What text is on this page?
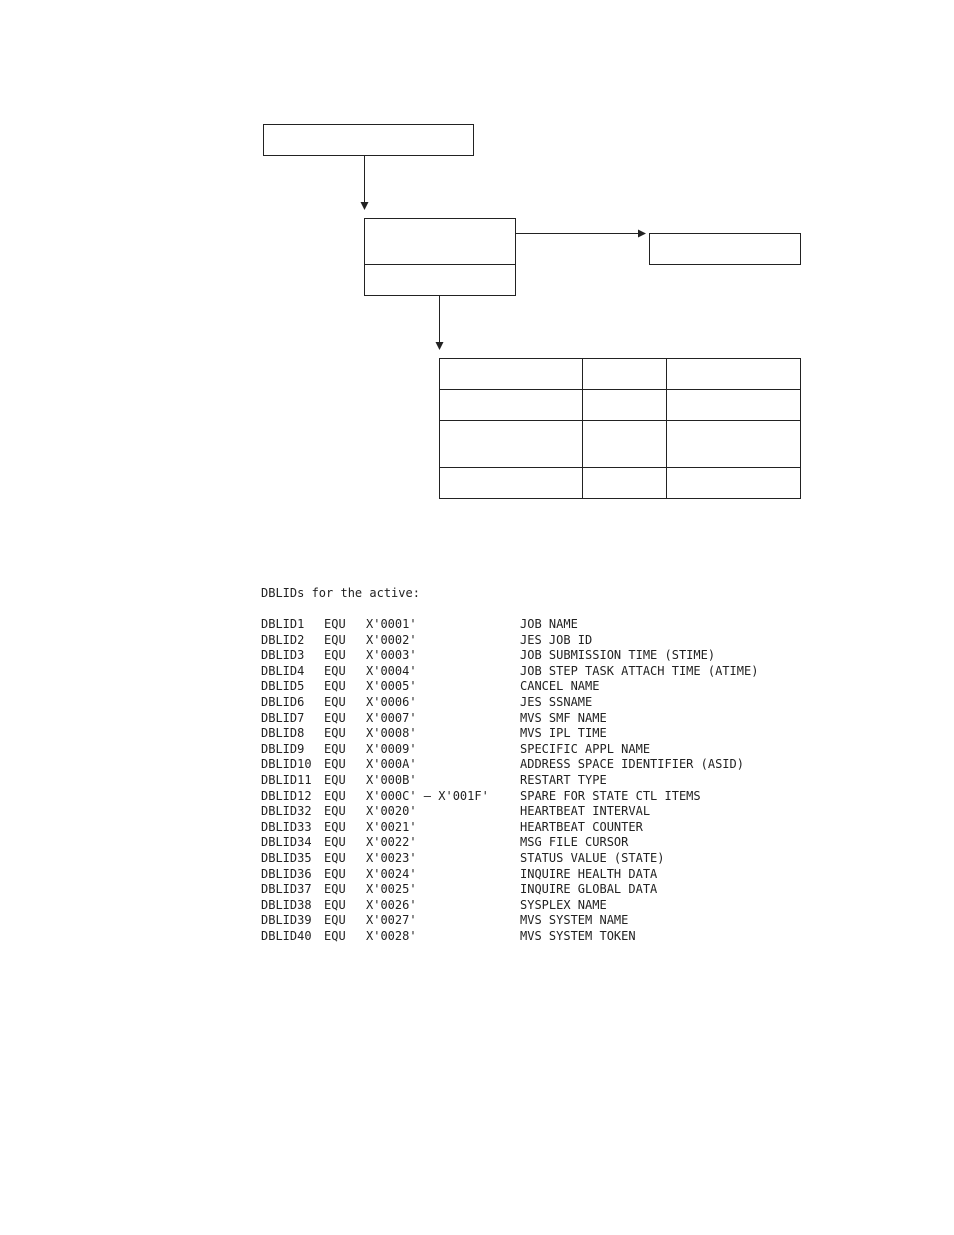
DBLIDs for the active:

DBLID1 EQU X'0001'	JOB NAME

DBLID2 EQU X'0002'	JES JOB ID

DBLID3 EQU X'0003'	JOB SUBMISSION TIME (STIME)

DBLID4 EQU X'0004'	JOB STEP TASK ATTACH TIME (ATIME)

DBLID5 EQU X'0005'	CANCEL NAME

DBLID6 EQU X'0006'	JES SSNAME

DBLID7 EQU X'0007'	MVS SMF NAME

DBLID8 EQU X'0008'	MVS IPL TIME

DBLID9 EQU X'0009'	SPECIFIC APPL NAME

DBLID10 EQU X'000A'	ADDRESS SPACE IDENTIFIER (ASID)

DBLID11 EQU X'000B'	RESTART TYPE

DBLID12 EQU X'000C' – X'001F'	SPARE FOR STATE CTL ITEMS

DBLID32 EQU X'0020'	HEARTBEAT INTERVAL

DBLID33 EQU X'0021'	HEARTBEAT COUNTER

DBLID34 EQU X'0022'	MSG FILE CURSOR

DBLID35 EQU X'0023'	STATUS VALUE (STATE)

DBLID36 EQU X'0024'	INQUIRE HEALTH DATA

DBLID37 EQU X'0025'	INQUIRE GLOBAL DATA

DBLID38 EQU X'0026'	SYSPLEX NAME

DBLID39 EQU X'0027'	MVS SYSTEM NAME

DBLID40 EQU X'0028'	MVS SYSTEM TOKEN
